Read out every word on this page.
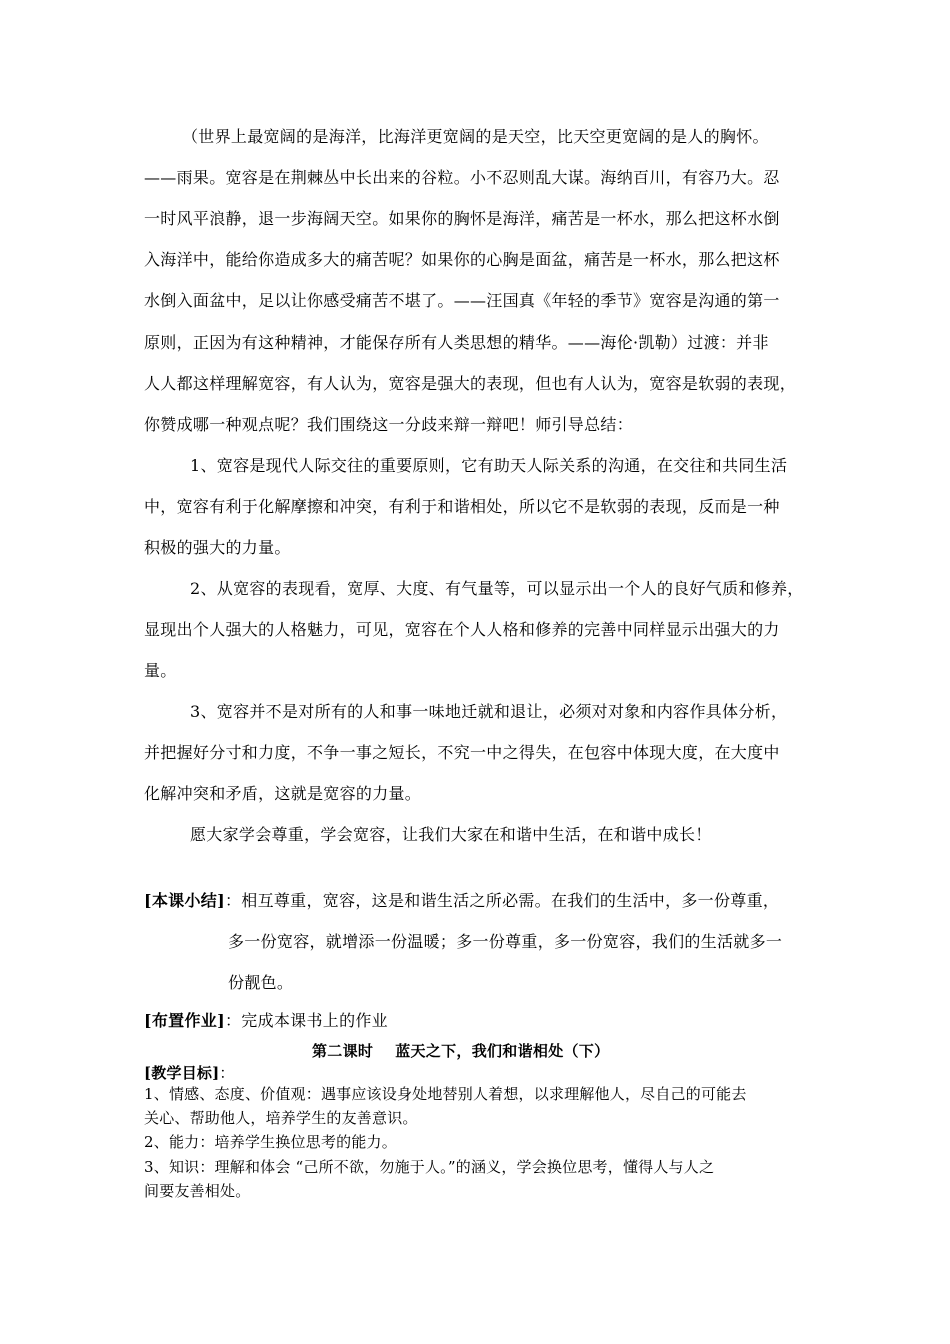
（世界上最宽阔的是海洋，比海洋更宽阔的是天空，比天空更宽阔的是人的胸怀。
——雨果。宽容是在荆棘丛中长出来的谷粒。小不忍则乱大谋。海纳百川，有容乃大。忍
一时风平浪静，退一步海阔天空。如果你的胸怀是海洋，痛苦是一杯水，那么把这杯水倒
入海洋中，能给你造成多大的痛苦呢？如果你的心胸是面盆，痛苦是一杯水，那么把这杯
水倒入面盆中，足以让你感受痛苦不堪了。——汪国真《年轻的季节》宽容是沟通的第一
原则，正因为有这种精神，才能保存所有人类思想的精华。——海伦·凯勒）过渡：并非
人人都这样理解宽容，有人认为，宽容是强大的表现，但也有人认为，宽容是软弱的表现，
你赞成哪一种观点呢？我们围绕这一分歧来辩一辩吧！师引导总结：
1、宽容是现代人际交往的重要原则，它有助天人际关系的沟通，在交往和共同生活
中，宽容有利于化解摩擦和冲突，有利于和谐相处，所以它不是软弱的表现，反而是一种
积极的强大的力量。
2、从宽容的表现看，宽厚、大度、有气量等，可以显示出一个人的良好气质和修养，
显现出个人强大的人格魅力，可见，宽容在个人人格和修养的完善中同样显示出强大的力
量。
3、宽容并不是对所有的人和事一味地迁就和退让，必须对对象和内容作具体分析，
并把握好分寸和力度，不争一事之短长，不究一中之得失，在包容中体现大度，在大度中
化解冲突和矛盾，这就是宽容的力量。
愿大家学会尊重，学会宽容，让我们大家在和谐中生活，在和谐中成长！
[本课小结]：相互尊重，宽容，这是和谐生活之所必需。在我们的生活中，多一份尊重，
多一份宽容，就增添一份温暖；多一份尊重，多一份宽容，我们的生活就多一
份靓色。
[布置作业]：完成本课书上的作业
第二课时 蓝天之下，我们和谐相处（下）
[教学目标]：
1、情感、态度、价值观：遇事应该设身处地替别人着想，以求理解他人，尽自己的可能去
关心、帮助他人，培养学生的友善意识。
2、能力：培养学生换位思考的能力。
3、知识：理解和体会 “己所不欲，勿施于人。”的涵义，学会换位思考，懂得人与人之
间要友善相处。
